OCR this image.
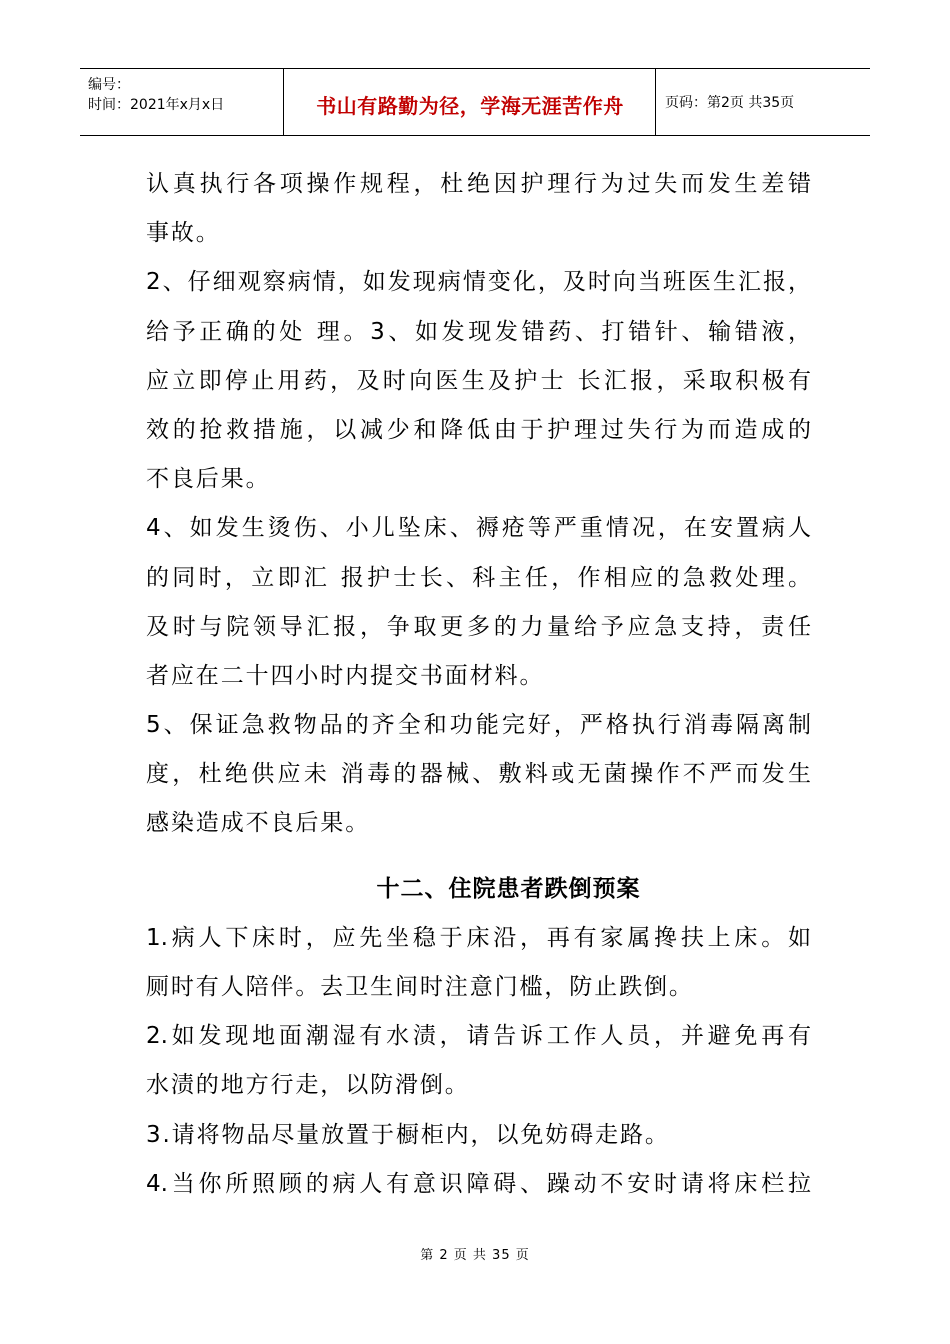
编号：
时间：2021年x月x日	书山有路勤为径，学海无涯苦作舟	页码：第2页 共35页
认真执行各项操作规程，杜绝因护理行为过失而发生差错
事故。
2、仔细观察病情，如发现病情变化，及时向当班医生汇报，
给予正确的处 理。3、如发现发错药、打错针、输错液，
应立即停止用药，及时向医生及护士 长汇报，采取积极有
效的抢救措施，以减少和降低由于护理过失行为而造成的
不良后果。
4、如发生烫伤、小儿坠床、褥疮等严重情况，在安置病人
的同时，立即汇 报护士长、科主任，作相应的急救处理。
及时与院领导汇报，争取更多的力量给予应急支持，责任
者应在二十四小时内提交书面材料。
5、保证急救物品的齐全和功能完好，严格执行消毒隔离制
度，杜绝供应未 消毒的器械、敷料或无菌操作不严而发生
感染造成不良后果。
十二、住院患者跌倒预案
1.病人下床时，应先坐稳于床沿，再有家属搀扶上床。如
厕时有人陪伴。去卫生间时注意门槛，防止跌倒。
2.如发现地面潮湿有水渍，请告诉工作人员，并避免再有
水渍的地方行走，以防滑倒。
3.请将物品尽量放置于橱柜内，以免妨碍走路。
4.当你所照顾的病人有意识障碍、躁动不安时请将床栏拉
第 2 页 共 35 页
